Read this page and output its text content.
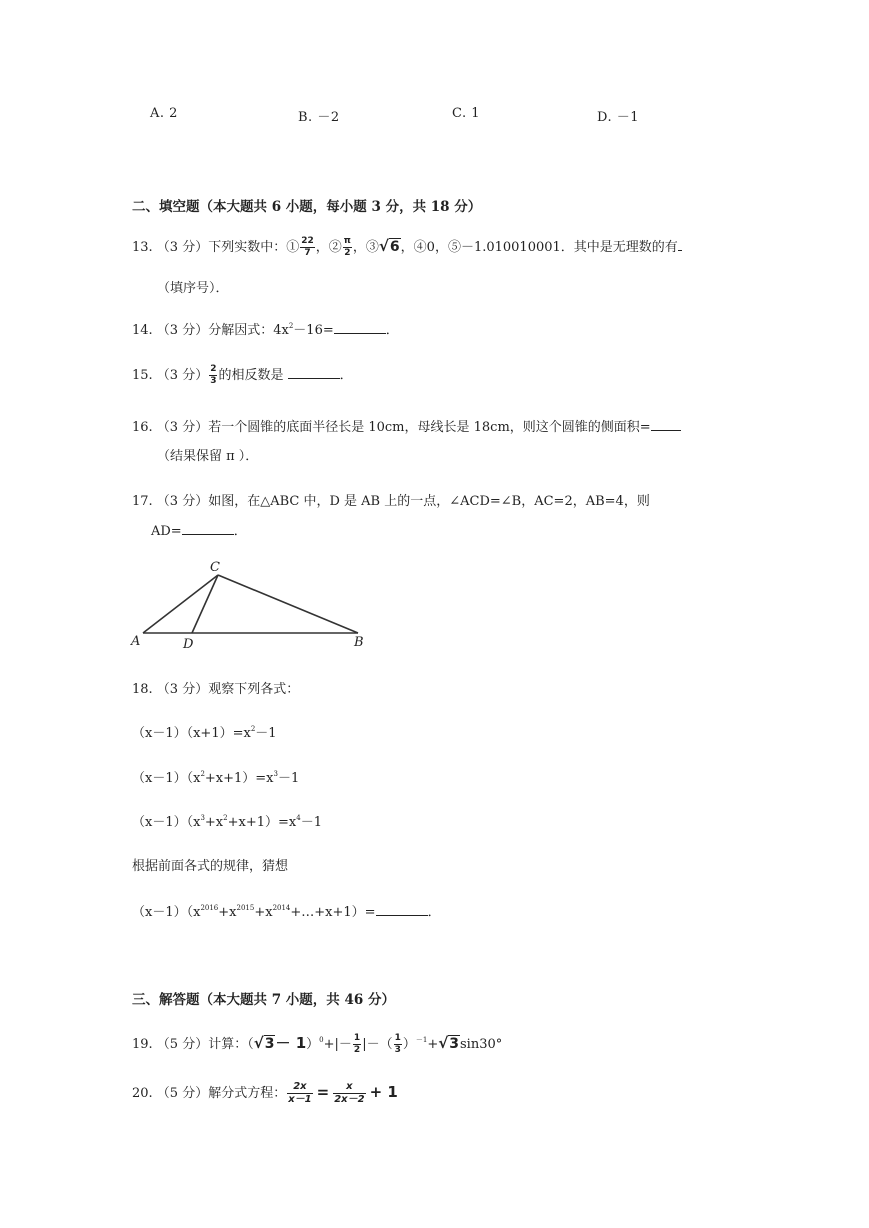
A. 2	B. －2	C. 1	D. －1
二、填空题（本大题共 6 小题，每小题 3 分，共 18 分）
13. （3 分）下列实数中：① $\frac{22}{7}$ ，② $\frac{\pi}{2}$ ，③√6，④0，⑤－1.010010001．其中是无理数的有
（填序号）．
14. （3 分）分解因式：$4x^2-16=$	．
15. （3 分） $\frac{2}{3}$ 的相反数是	．
16. （3 分）若一个圆锥的底面半径长是 10cm，母线长是 18cm，则这个圆锥的侧面积=
（结果保留 π ）．
17. （3 分）如图，在△ABC 中，D 是 AB 上的一点，∠ACD=∠B，AC=2，AB=4，则
AD=	．
C
A	D	B
18. （3 分）观察下列各式：
$(x-1)(x+1)=x^2-1$
$(x-1)(x^2+x+1)=x^3-1$
$(x-1)(x^3+x^2+x+1)=x^4-1$
根据前面各式的规律，猜想
$(x-1)(x^{2016}+x^{2015}+x^{2014}+\dots+x+1)=$	．
三、解答题（本大题共 7 小题，共 46 分）
19. （5 分）计算：$(√3- 1)^0+|- \frac{1}{2}$ |－（ $\frac{1}{3} )^{-1}+√3\sin 30^\circ$
20. （5 分）解分式方程： $\frac{2x}{x-1} = \frac{x}{2x-2} + 1$
